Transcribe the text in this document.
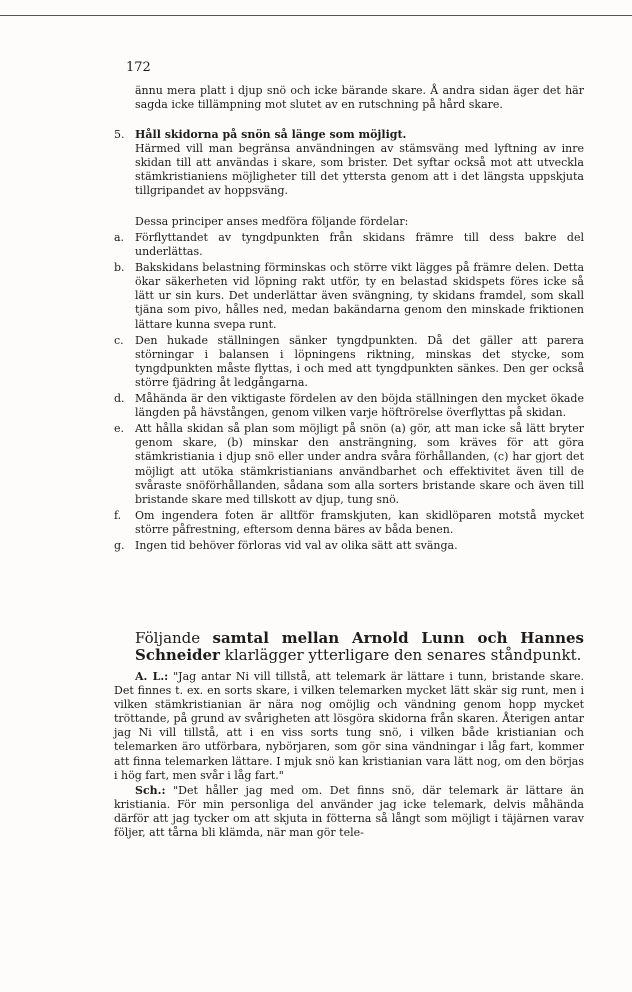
172
ännu mera platt i djup snö och icke bärande skare. Å andra sidan äger det här sagda icke tillämpning mot slutet av en rutschning på hård skare.
5. Håll skidorna på snön så länge som möjligt.
Härmed vill man begränsa användningen av stämsväng med lyftning av inre skidan till att användas i skare, som brister. Det syftar också mot att utveckla stämkristianiens möjligheter till det yttersta genom att i det längsta uppskjuta tillgripandet av hoppsväng.
Dessa principer anses medföra följande fördelar:
a. Förflyttandet av tyngdpunkten från skidans främre till dess bakre del underlättas.
b. Bakskidans belastning förminskas och större vikt lägges på främre delen. Detta ökar säkerheten vid löpning rakt utför, ty en belastad skidspets föres icke så lätt ur sin kurs. Det underlättar även svängning, ty skidans framdel, som skall tjäna som pivo, hålles ned, medan bakändarna genom den minskade friktionen lättare kunna svepa runt.
c.	Den hukade ställningen sänker tyngdpunkten. Då det gäller att parera störningar i balansen i löpningens riktning, minskas det stycke, som tyngdpunkten måste flyttas, i och med att tyngdpunkten sänkes. Den ger också större fjädring åt ledgångarna.
d. Måhända är den viktigaste fördelen av den böjda ställningen den mycket ökade längden på hävstången, genom vilken varje höftrörelse överflyttas på skidan.
e. Att hålla skidan så plan som möjligt på snön (a) gör, att man icke så lätt bryter genom skare, (b) minskar den ansträngning, som kräves för att göra stämkristiania i djup snö eller under andra svåra förhållanden, (c) har gjort det möjligt att utöka stämkristianians användbarhet och effektivitet även till de svåraste snöförhållanden, sådana som alla sorters bristande skare och även till bristande skare med tillskott av djup, tung snö.
f.	Om ingendera foten är alltför framskjuten, kan skidlöparen motstå mycket större påfrestning, eftersom denna bäres av båda benen.
g. Ingen tid behöver förloras vid val av olika sätt att svänga.
Följande samtal mellan Arnold Lunn och Hannes Schneider klarlägger ytterligare den senares ståndpunkt.
A. L.: "Jag antar Ni vill tillstå, att telemark är lättare i tunn, bristande skare. Det finnes t. ex. en sorts skare, i vilken telemarken mycket lätt skär sig runt, men i vilken stämkristianian är nära nog omöjlig och vändning genom hopp mycket tröttande, på grund av svårigheten att lösgöra skidorna från skaren. Återigen antar jag Ni vill tillstå, att i en viss sorts tung snö, i vilken både kristianian och telemarken äro utförbara, nybörjaren, som gör sina vändningar i låg fart, kommer att finna telemarken lättare. I mjuk snö kan kristianian vara lätt nog, om den börjas i hög fart, men svår i låg fart."
Sch.: "Det håller jag med om. Det finns snö, där telemark är lättare än kristiania. För min personliga del använder jag icke telemark, delvis måhända därför att jag tycker om att skjuta in fötterna så långt som möjligt i täjärnen varav följer, att tårna bli klämda, när man gör tele-
